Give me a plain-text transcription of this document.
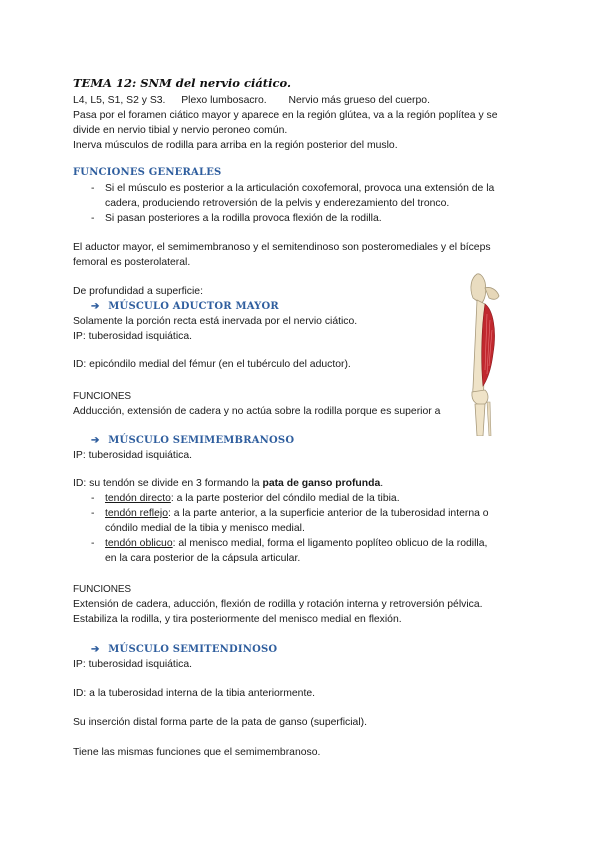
TEMA 12: SNM del nervio ciático.
L4, L5, S1, S2 y S3. Plexo lumbosacro. Nervio más grueso del cuerpo.
Pasa por el foramen ciático mayor y aparece en la región glútea, va a la región poplítea y se
divide en nervio tibial y nervio peroneo común.
Inerva músculos de rodilla para arriba en la región posterior del muslo.
FUNCIONES GENERALES
- Si el músculo es posterior a la articulación coxofemoral, provoca una extensión de la
cadera, produciendo retroversión de la pelvis y enderezamiento del tronco.
- Si pasan posteriores a la rodilla provoca flexión de la rodilla.
El aductor mayor, el semimembranoso y el semitendinoso son posteromediales y el bíceps
femoral es posterolateral.
De profundidad a superficie:
➔ MÚSCULO ADUCTOR MAYOR
Solamente la porción recta está inervada por el nervio ciático.
IP: tuberosidad isquiática.
ID: epicóndilo medial del fémur (en el tubérculo del aductor).
FUNCIONES
Adducción, extensión de cadera y no actúa sobre la rodilla porque es superior a
➔ MÚSCULO SEMIMEMBRANOSO
IP: tuberosidad isquiática.
ID: su tendón se divide en 3 formando la pata de ganso profunda.
- tendón directo: a la parte posterior del cóndilo medial de la tibia.
- tendón reflejo: a la parte anterior, a la superficie anterior de la tuberosidad interna o
cóndilo medial de la tibia y menisco medial.
- tendón oblicuo: al menisco medial, forma el ligamento poplíteo oblicuo de la rodilla,
en la cara posterior de la cápsula articular.
FUNCIONES
Extensión de cadera, aducción, flexión de rodilla y rotación interna y retroversión pélvica.
Estabiliza la rodilla, y tira posteriormente del menisco medial en flexión.
➔ MÚSCULO SEMITENDINOSO
IP: tuberosidad isquiática.
ID: a la tuberosidad interna de la tibia anteriormente.
Su inserción distal forma parte de la pata de ganso (superficial).
Tiene las mismas funciones que el semimembranoso.
